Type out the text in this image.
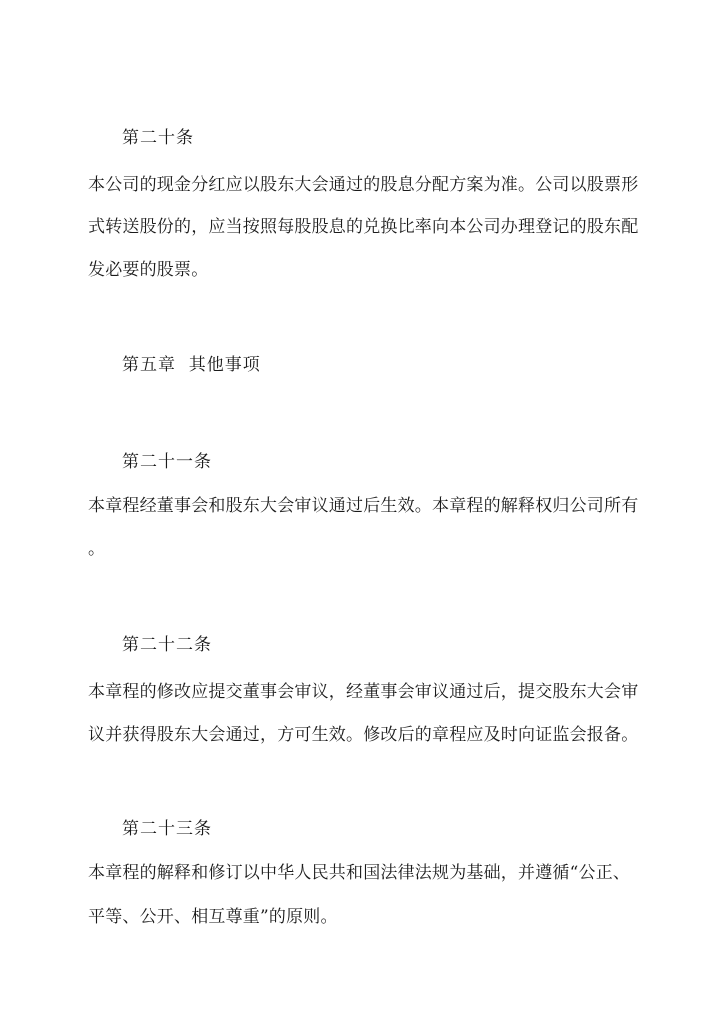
第二十条
本公司的现金分红应以股东大会通过的股息分配方案为准。公司以股票形
式转送股份的，应当按照每股股息的兑换比率向本公司办理登记的股东配
发必要的股票。
第五章  其他事项
第二十一条
本章程经董事会和股东大会审议通过后生效。本章程的解释权归公司所有
。
第二十二条
本章程的修改应提交董事会审议，经董事会审议通过后，提交股东大会审
议并获得股东大会通过，方可生效。修改后的章程应及时向证监会报备。
第二十三条
本章程的解释和修订以中华人民共和国法律法规为基础，并遵循“公正、
平等、公开、相互尊重”的原则。
